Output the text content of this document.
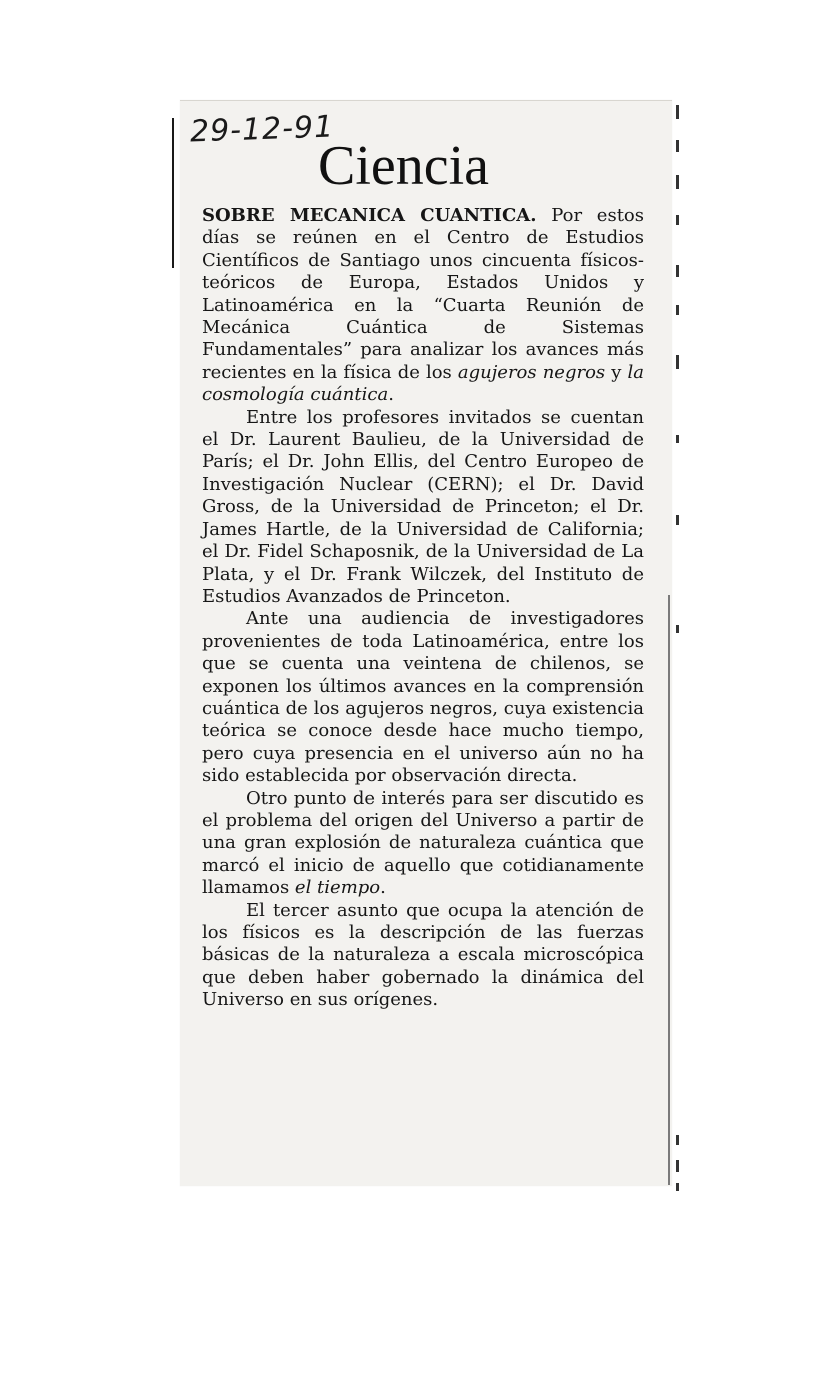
29-12-91
Ciencia

SOBRE MECANICA CUANTICA. Por estos días se reúnen en el Centro de Estudios Científicos de Santiago unos cincuenta físicos-teóricos de Europa, Estados Unidos y Latinoamérica en la “Cuarta Reunión de Mecánica Cuántica de Sistemas Fundamentales” para analizar los avances más recientes en la física de los agujeros negros y la cosmología cuántica.

Entre los profesores invitados se cuentan el Dr. Laurent Baulieu, de la Universidad de París; el Dr. John Ellis, del Centro Europeo de Investigación Nuclear (CERN); el Dr. David Gross, de la Universidad de Princeton; el Dr. James Hartle, de la Universidad de California; el Dr. Fidel Schaposnik, de la Universidad de La Plata, y el Dr. Frank Wilczek, del Instituto de Estudios Avanzados de Princeton.

Ante una audiencia de investigadores provenientes de toda Latinoamérica, entre los que se cuenta una veintena de chilenos, se exponen los últimos avances en la comprensión cuántica de los agujeros negros, cuya existencia teórica se conoce desde hace mucho tiempo, pero cuya presencia en el universo aún no ha sido establecida por observación directa.

Otro punto de interés para ser discutido es el problema del origen del Universo a partir de una gran explosión de naturaleza cuántica que marcó el inicio de aquello que cotidianamente llamamos el tiempo.

El tercer asunto que ocupa la atención de los físicos es la descripción de las fuerzas básicas de la naturaleza a escala microscópica que deben haber gobernado la dinámica del Universo en sus orígenes.
